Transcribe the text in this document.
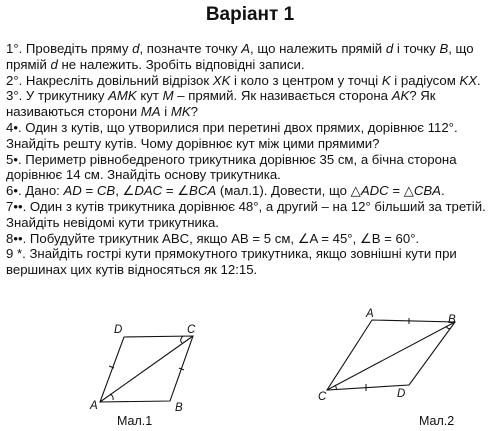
Варіант 1

1°. Проведіть пряму d, позначте точку A, що належить прямій d і точку B, що прямій d не належить. Зробіть відповідні записи.

2°. Накресліть довільний відрізок XK і коло з центром у точці K і радіусом KX.

3°. У трикутнику AMK кут M – прямий. Як називається сторона AK? Як називаються сторони MA і MK?

4•. Один з кутів, що утворилися при перетині двох прямих, дорівнює 112°. Знайдіть решту кутів. Чому дорівнює кут між цими прямими?

5•. Периметр рівнобедреного трикутника дорівнює 35 см, а бічна сторона дорівнює 14 см. Знайдіть основу трикутника.

6•. Дано: AD = CB, ∠DAC = ∠BCA (мал.1). Довести, що △ADC = △CBA.

7••. Один з кутів трикутника дорівнює 48°, а другий – на 12° більший за третій. Знайдіть невідомі кути трикутника.

8••. Побудуйте трикутник ABC, якщо AB = 5 см, ∠A = 45°, ∠B = 60°.

9 *. Знайдіть гострі кути прямокутного трикутника, якщо зовнішні кути при вершинах цих кутів відносяться як 12:15.

D	C
A	B
Мал.1
A	B
C	D
Мал.2
